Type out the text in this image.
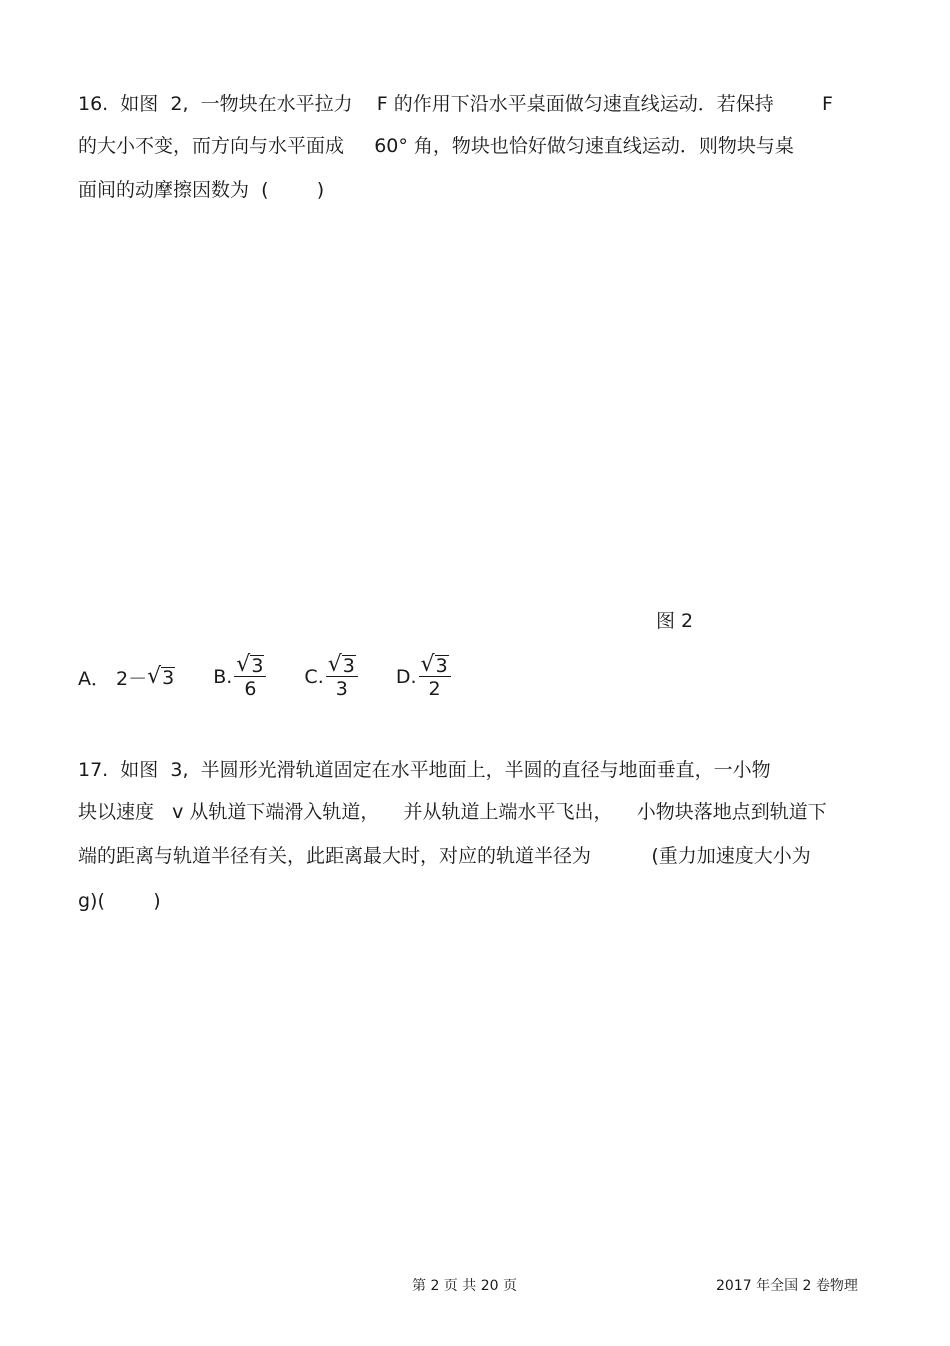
16.  如图  2,  一物块在水平拉力    F 的作用下沿水平桌面做匀速直线运动．若保持        F
的大小不变，而方向与水平面成     60° 角，物块也恰好做匀速直线运动．则物块与桌
面间的动摩擦因数为  (        )
图 2
A． 2－ √ 3 B. $\frac{√ 3}{6} C$. $\frac{√ 3}{3} D$. $\frac{√ 3}{2}$
17.  如图  3,  半圆形光滑轨道固定在水平地面上，半圆的直径与地面垂直，一小物
块以速度   v 从轨道下端滑入轨道，    并从轨道上端水平飞出，    小物块落地点到轨道下
端的距离与轨道半径有关，此距离最大时，对应的轨道半径为          (重力加速度大小为
g)(        )
第 2 页 共 20 页	2017 年全国 2 卷物理
